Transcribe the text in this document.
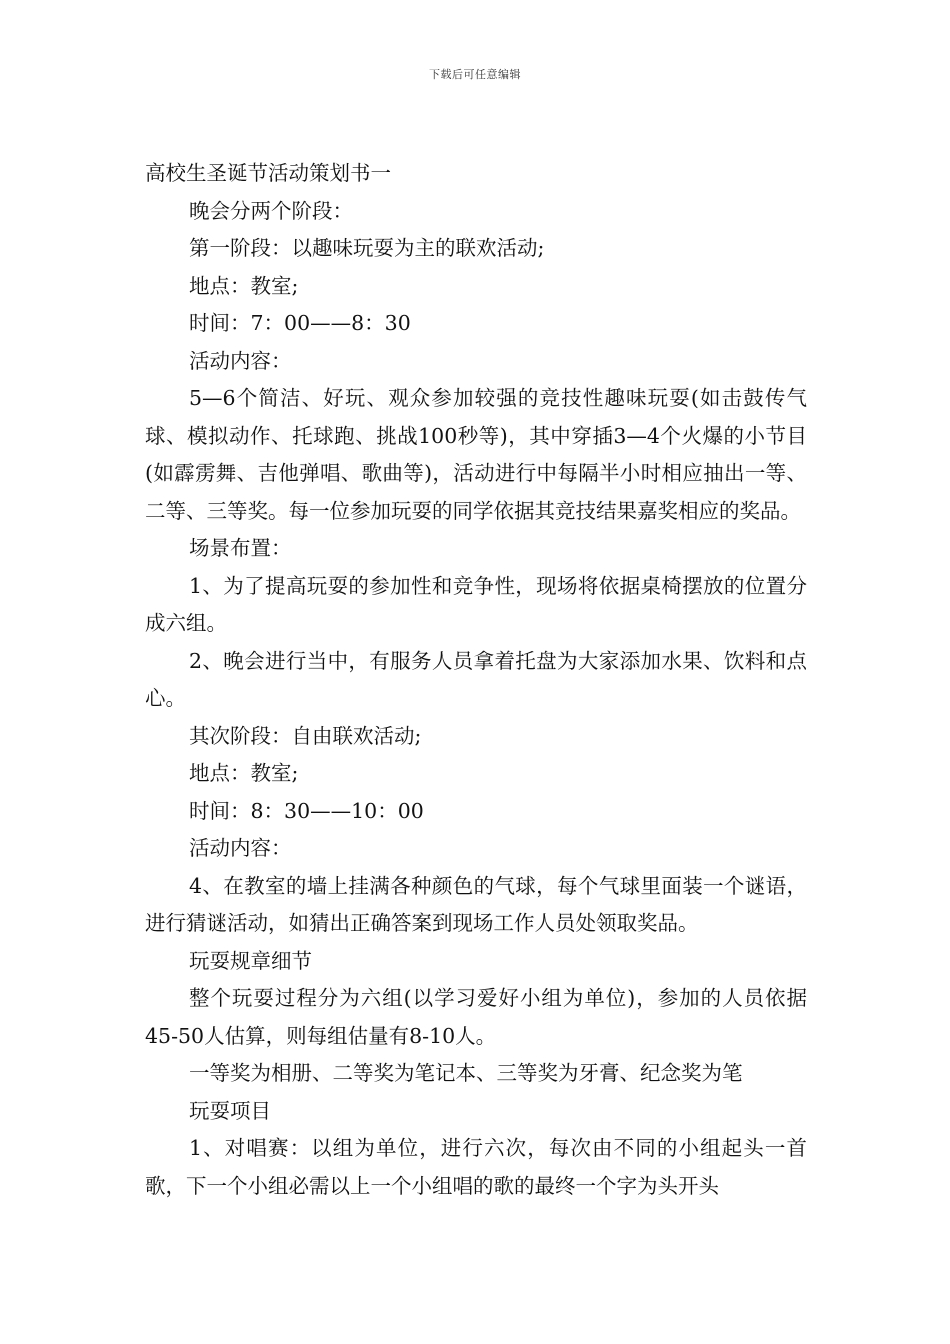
下载后可任意编辑
高校生圣诞节活动策划书一

晚会分两个阶段：

第一阶段：以趣味玩耍为主的联欢活动;

地点：教室;

时间：7：00——8：30

活动内容：

5—6个简洁、好玩、观众参加较强的竞技性趣味玩耍(如击鼓传气球、模拟动作、托球跑、挑战100秒等)，其中穿插3—4个火爆的小节目(如霹雳舞、吉他弹唱、歌曲等)，活动进行中每隔半小时相应抽出一等、二等、三等奖。每一位参加玩耍的同学依据其竞技结果嘉奖相应的奖品。

场景布置：

1、为了提高玩耍的参加性和竞争性，现场将依据桌椅摆放的位置分成六组。

2、晚会进行当中，有服务人员拿着托盘为大家添加水果、饮料和点心。

其次阶段：自由联欢活动;

地点：教室;

时间：8：30——10：00

活动内容：

4、在教室的墙上挂满各种颜色的气球，每个气球里面装一个谜语，进行猜谜活动，如猜出正确答案到现场工作人员处领取奖品。

玩耍规章细节

整个玩耍过程分为六组(以学习爱好小组为单位)，参加的人员依据45-50人估算，则每组估量有8-10人。

一等奖为相册、二等奖为笔记本、三等奖为牙膏、纪念奖为笔

玩耍项目

1、对唱赛：以组为单位，进行六次，每次由不同的小组起头一首歌，下一个小组必需以上一个小组唱的歌的最终一个字为头开头
